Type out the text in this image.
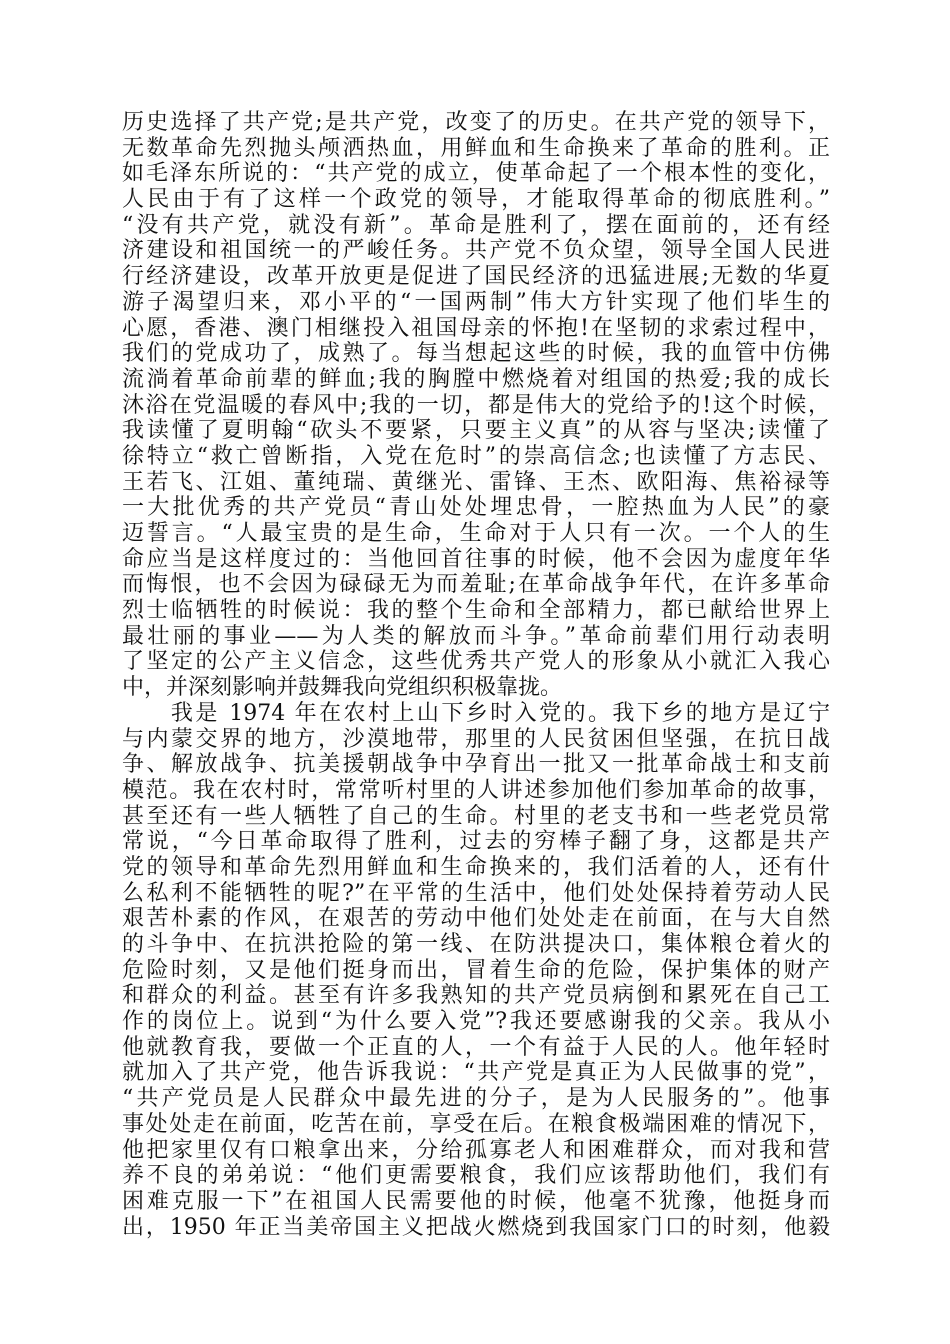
历史选择了共产党;是共产党，改变了的历史。在共产党的领导下，
无数革命先烈抛头颅洒热血，用鲜血和生命换来了革命的胜利。正
如毛泽东所说的：“共产党的成立，使革命起了一个根本性的变化，
人民由于有了这样一个政党的领导，才能取得革命的彻底胜利。”
“没有共产党，就没有新”。革命是胜利了，摆在面前的，还有经
济建设和祖国统一的严峻任务。共产党不负众望，领导全国人民进
行经济建设，改革开放更是促进了国民经济的迅猛进展;无数的华夏
游子渴望归来，邓小平的“一国两制”伟大方针实现了他们毕生的
心愿，香港、澳门相继投入祖国母亲的怀抱!在坚韧的求索过程中，
我们的党成功了，成熟了。每当想起这些的时候，我的血管中仿佛
流淌着革命前辈的鲜血;我的胸膛中燃烧着对组国的热爱;我的成长
沐浴在党温暖的春风中;我的一切，都是伟大的党给予的!这个时候，
我读懂了夏明翰“砍头不要紧，只要主义真”的从容与坚决;读懂了
徐特立“救亡曾断指，入党在危时”的崇高信念;也读懂了方志民、
王若飞、江姐、董纯瑞、黄继光、雷锋、王杰、欧阳海、焦裕禄等
一大批优秀的共产党员“青山处处埋忠骨，一腔热血为人民”的豪
迈誓言。“人最宝贵的是生命，生命对于人只有一次。一个人的生
命应当是这样度过的：当他回首往事的时候，他不会因为虚度年华
而悔恨，也不会因为碌碌无为而羞耻;在革命战争年代，在许多革命
烈士临牺牲的时候说：我的整个生命和全部精力，都已献给世界上
最壮丽的事业——为人类的解放而斗争。”革命前辈们用行动表明
了坚定的公产主义信念，这些优秀共产党人的形象从小就汇入我心
中，并深刻影响并鼓舞我向党组织积极靠拢。
　　我是 1974 年在农村上山下乡时入党的。我下乡的地方是辽宁
与内蒙交界的地方，沙漠地带，那里的人民贫困但坚强，在抗日战
争、解放战争、抗美援朝战争中孕育出一批又一批革命战士和支前
模范。我在农村时，常常听村里的人讲述参加他们参加革命的故事，
甚至还有一些人牺牲了自己的生命。村里的老支书和一些老党员常
常说，“今日革命取得了胜利，过去的穷棒子翻了身，这都是共产
党的领导和革命先烈用鲜血和生命换来的，我们活着的人，还有什
么私利不能牺牲的呢?”在平常的生活中，他们处处保持着劳动人民
艰苦朴素的作风，在艰苦的劳动中他们处处走在前面，在与大自然
的斗争中、在抗洪抢险的第一线、在防洪提决口，集体粮仓着火的
危险时刻，又是他们挺身而出，冒着生命的危险，保护集体的财产
和群众的利益。甚至有许多我熟知的共产党员病倒和累死在自己工
作的岗位上。说到“为什么要入党”?我还要感谢我的父亲。我从小
他就教育我，要做一个正直的人，一个有益于人民的人。他年轻时
就加入了共产党，他告诉我说：“共产党是真正为人民做事的党”，
“共产党员是人民群众中最先进的分子，是为人民服务的”。他事
事处处走在前面，吃苦在前，享受在后。在粮食极端困难的情况下，
他把家里仅有口粮拿出来，分给孤寡老人和困难群众，而对我和营
养不良的弟弟说：“他们更需要粮食，我们应该帮助他们，我们有
困难克服一下”在祖国人民需要他的时候，他毫不犹豫，他挺身而
出，1950 年正当美帝国主义把战火燃烧到我国家门口的时刻，他毅
